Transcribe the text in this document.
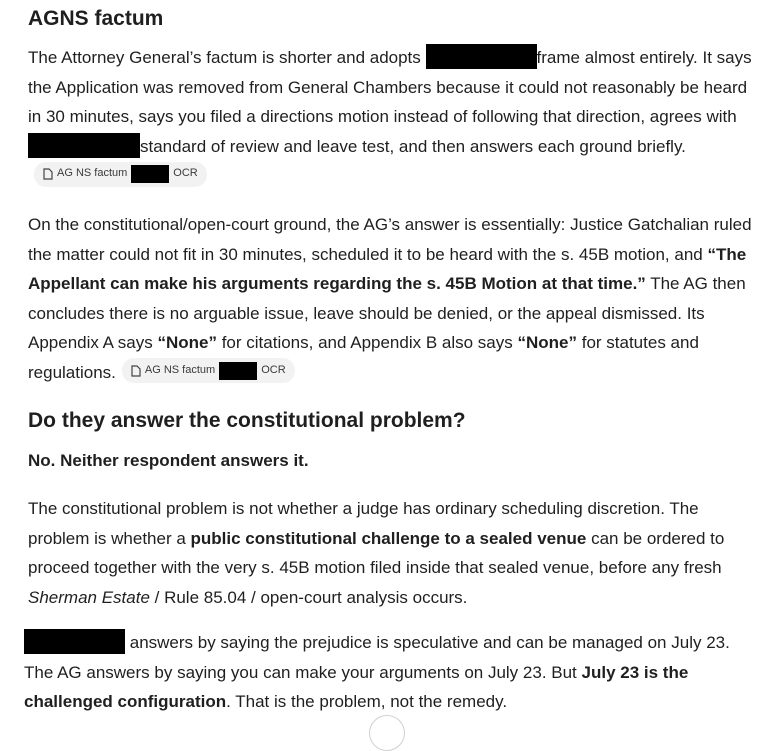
AGNS factum

The Attorney General’s factum is shorter and adopts	frame almost entirely. It says the Application was removed from General Chambers because it could not reasonably be heard in 30 minutes, says you filed a directions motion instead of following that direction, agrees with standard of review and leave test, and then answers each ground briefly.
AG NS factum	OCR

On the constitutional/open-court ground, the AG’s answer is essentially: Justice Gatchalian ruled the matter could not fit in 30 minutes, scheduled it to be heard with the s. 45B motion, and “The Appellant can make his arguments regarding the s. 45B Motion at that time.” The AG then concludes there is no arguable issue, leave should be denied, or the appeal dismissed. Its Appendix A says “None” for citations, and Appendix B also says “None” for statutes and regulations.	AG NS factum	OCR

Do they answer the constitutional problem?

No. Neither respondent answers it.

The constitutional problem is not whether a judge has ordinary scheduling discretion. The problem is whether a public constitutional challenge to a sealed venue can be ordered to proceed together with the very s. 45B motion filed inside that sealed venue, before any fresh Sherman Estate / Rule 85.04 / open-court analysis occurs.

answers by saying the prejudice is speculative and can be managed on July 23. The AG answers by saying you can make your arguments on July 23. But July 23 is the challenged configuration. That is the problem, not the remedy.
